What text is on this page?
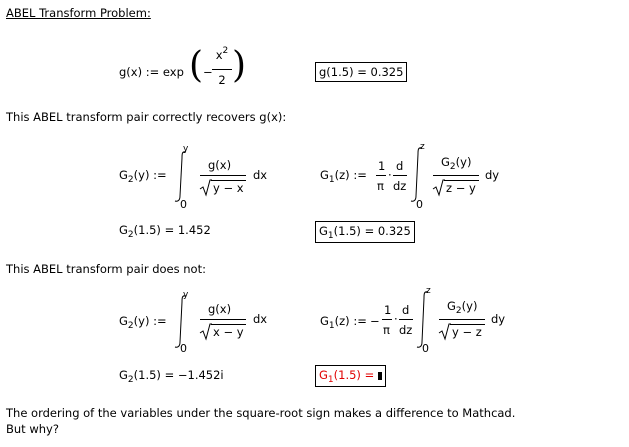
ABEL Transform Problem:
g(x) := exp ( −
$x^2$
2 )	g(1.5) = 0.325
This ABEL transform pair correctly recovers g(x):
$G_2(y)$ :=
y
0
g(x)
y − x
dx	$G_1(z)$ :=
1
π
·
d
dz
z
0
$G_2(y)$
z − y
dy
$G_2(1.5) = 1.452$	$G_1(1.5) = 0.325$
This ABEL transform pair does not:
$G_2(y)$ :=
y
0
g(x)
x − y
dx	$G_1(z)$ := −
1
π
·
d
dz
z
0
$G_2(y)$
y − z
dy
$G_2(1.5) = -1.452i$	$G_1(1.5)$ =
The ordering of the variables under the square-root sign makes a difference to Mathcad.
But why?
